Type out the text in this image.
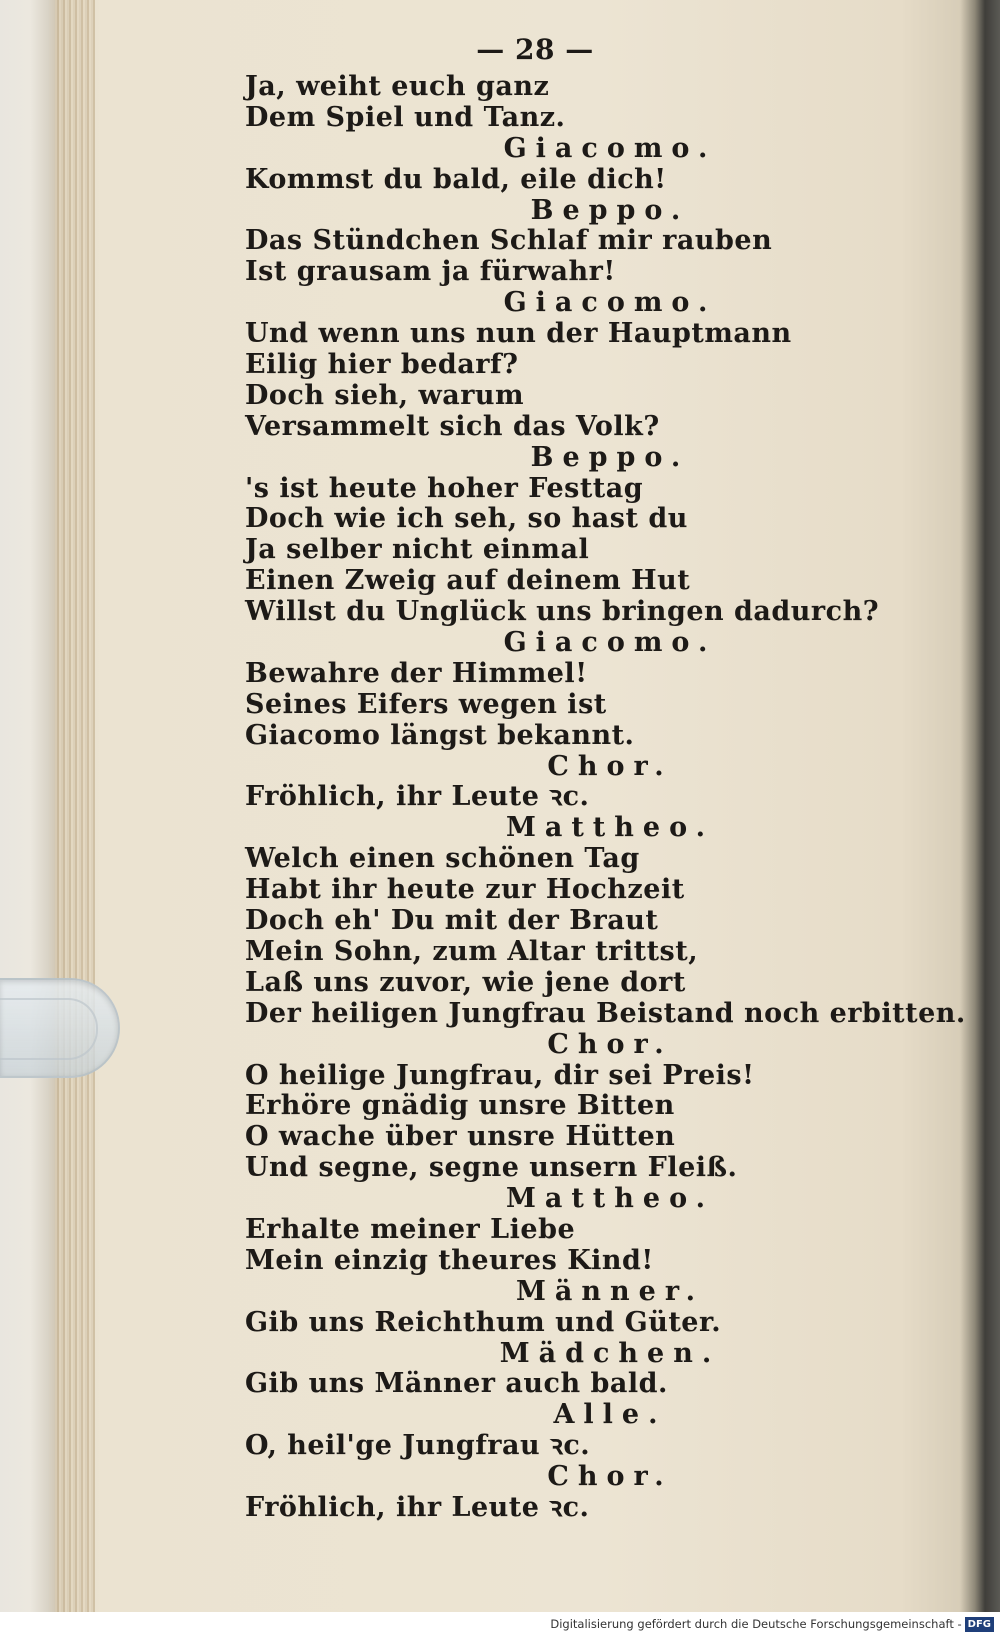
— 28 —
Ja, weiht euch ganz
Dem Spiel und Tanz.
Giacomo.
Kommst du bald, eile dich!
Beppo.
Das Stündchen Schlaf mir rauben
Ist grausam ja fürwahr!
Giacomo.
Und wenn uns nun der Hauptmann
Eilig hier bedarf?
Doch sieh, warum
Versammelt sich das Volk?
Beppo.
's ist heute hoher Festtag
Doch wie ich seh, so hast du
Ja selber nicht einmal
Einen Zweig auf deinem Hut
Willst du Unglück uns bringen dadurch?
Giacomo.
Bewahre der Himmel!
Seines Eifers wegen ist
Giacomo längst bekannt.
Chor.
Fröhlich, ihr Leute ꝛc.
Mattheo.
Welch einen schönen Tag
Habt ihr heute zur Hochzeit
Doch eh' Du mit der Braut
Mein Sohn, zum Altar trittst,
Laß uns zuvor, wie jene dort
Der heiligen Jungfrau Beistand noch erbitten.
Chor.
O heilige Jungfrau, dir sei Preis!
Erhöre gnädig unsre Bitten
O wache über unsre Hütten
Und segne, segne unsern Fleiß.
Mattheo.
Erhalte meiner Liebe
Mein einzig theures Kind!
Männer.
Gib uns Reichthum und Güter.
Mädchen.
Gib uns Männer auch bald.
Alle.
O, heil'ge Jungfrau ꝛc.
Chor.
Fröhlich, ihr Leute ꝛc.
Digitalisierung gefördert durch die Deutsche Forschungsgemeinschaft - DFG
